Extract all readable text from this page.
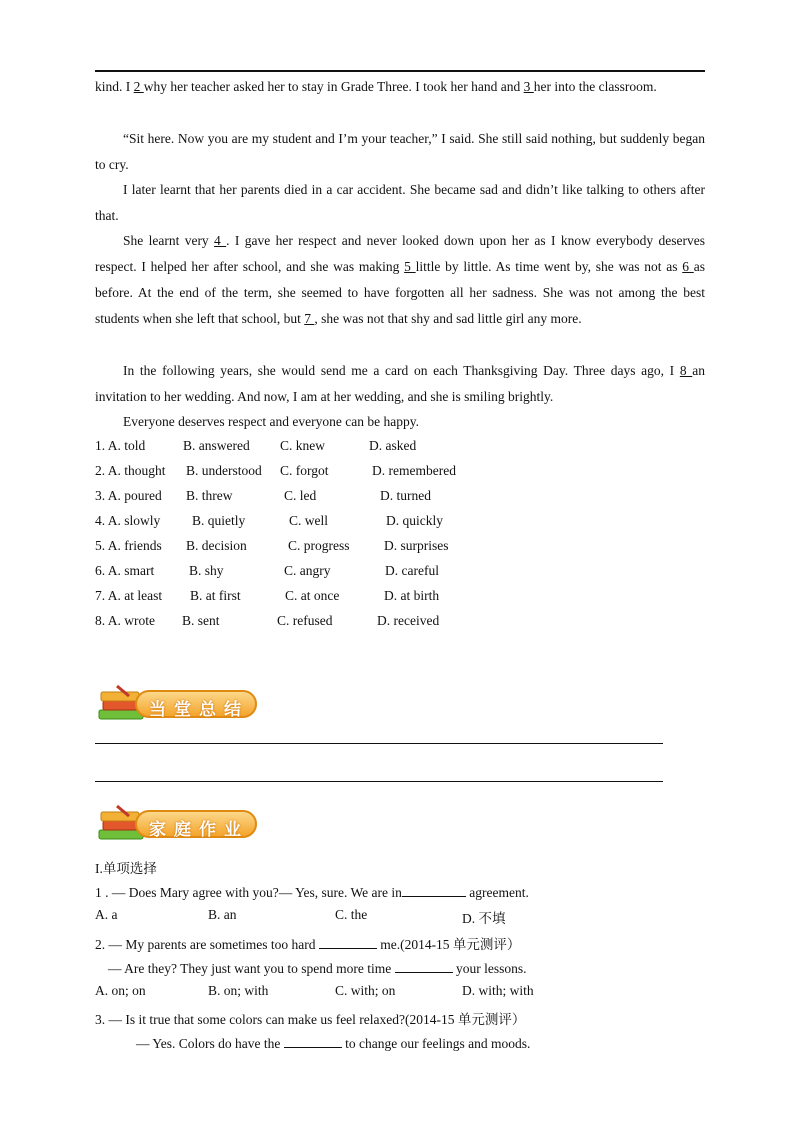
kind. I 2 why her teacher asked her to stay in Grade Three. I took her hand and 3 her into the classroom.
“Sit here. Now you are my student and I’m your teacher,” I said. She still said nothing, but suddenly began to cry.
I later learnt that her parents died in a car accident. She became sad and didn’t like talking to others after that.
She learnt very 4 . I gave her respect and never looked down upon her as I know everybody deserves respect. I helped her after school, and she was making 5 little by little. As time went by, she was not as 6 as before. At the end of the term, she seemed to have forgotten all her sadness. She was not among the best students when she left that school, but 7 , she was not that shy and sad little girl any more.
In the following years, she would send me a card on each Thanksgiving Day. Three days ago, I 8 an invitation to her wedding. And now, I am at her wedding, and she is smiling brightly.
Everyone deserves respect and everyone can be happy.
1. A. told	B. answered C. knew	D. asked
2. A. thought B. understood C. forgot	D. remembered
3. A. poured B. threw	C. led	D. turned
4. A. slowly B. quietly	C. well	D. quickly
5. A. friends B. decision	C. progress	D. surprises
6. A. smart	B. shy	C. angry	D. careful
7. A. at least B. at first	C. at once	D. at birth
8. A. wrote B. sent	C. refused	D. received
当堂总结
家庭作业
I.单项选择
1 . — Does Mary agree with you?— Yes, sure. We are in	agreement.
A. a	B. an	C. the	D. 不填
2. — My parents are sometimes too hard	me.(2014-15 单元测评）
— Are they? They just want you to spend more time	your lessons.
A. on; on	B. on; with	C. with; on	D. with; with
3. — Is it true that some colors can make us feel relaxed?(2014-15 单元测评）
— Yes. Colors do have the	to change our feelings and moods.
